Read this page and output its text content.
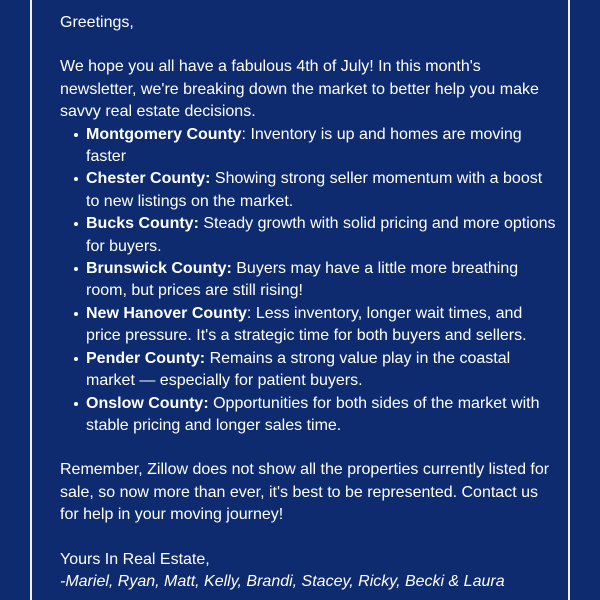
Greetings,

We hope you all have a fabulous 4th of July! In this month's newsletter, we're breaking down the market to better help you make savvy real estate decisions.

Montgomery County: Inventory is up and homes are moving faster
Chester County: Showing strong seller momentum with a boost to new listings on the market.
Bucks County: Steady growth with solid pricing and more options for buyers.
Brunswick County: Buyers may have a little more breathing room, but prices are still rising!
New Hanover County: Less inventory, longer wait times, and price pressure. It's a strategic time for both buyers and sellers.
Pender County: Remains a strong value play in the coastal market — especially for patient buyers.
Onslow County: Opportunities for both sides of the market with stable pricing and longer sales time.

Remember, Zillow does not show all the properties currently listed for sale, so now more than ever, it's best to be represented. Contact us for help in your moving journey!

Yours In Real Estate,

-Mariel, Ryan, Matt, Kelly, Brandi, Stacey, Ricky, Becki & Laura
